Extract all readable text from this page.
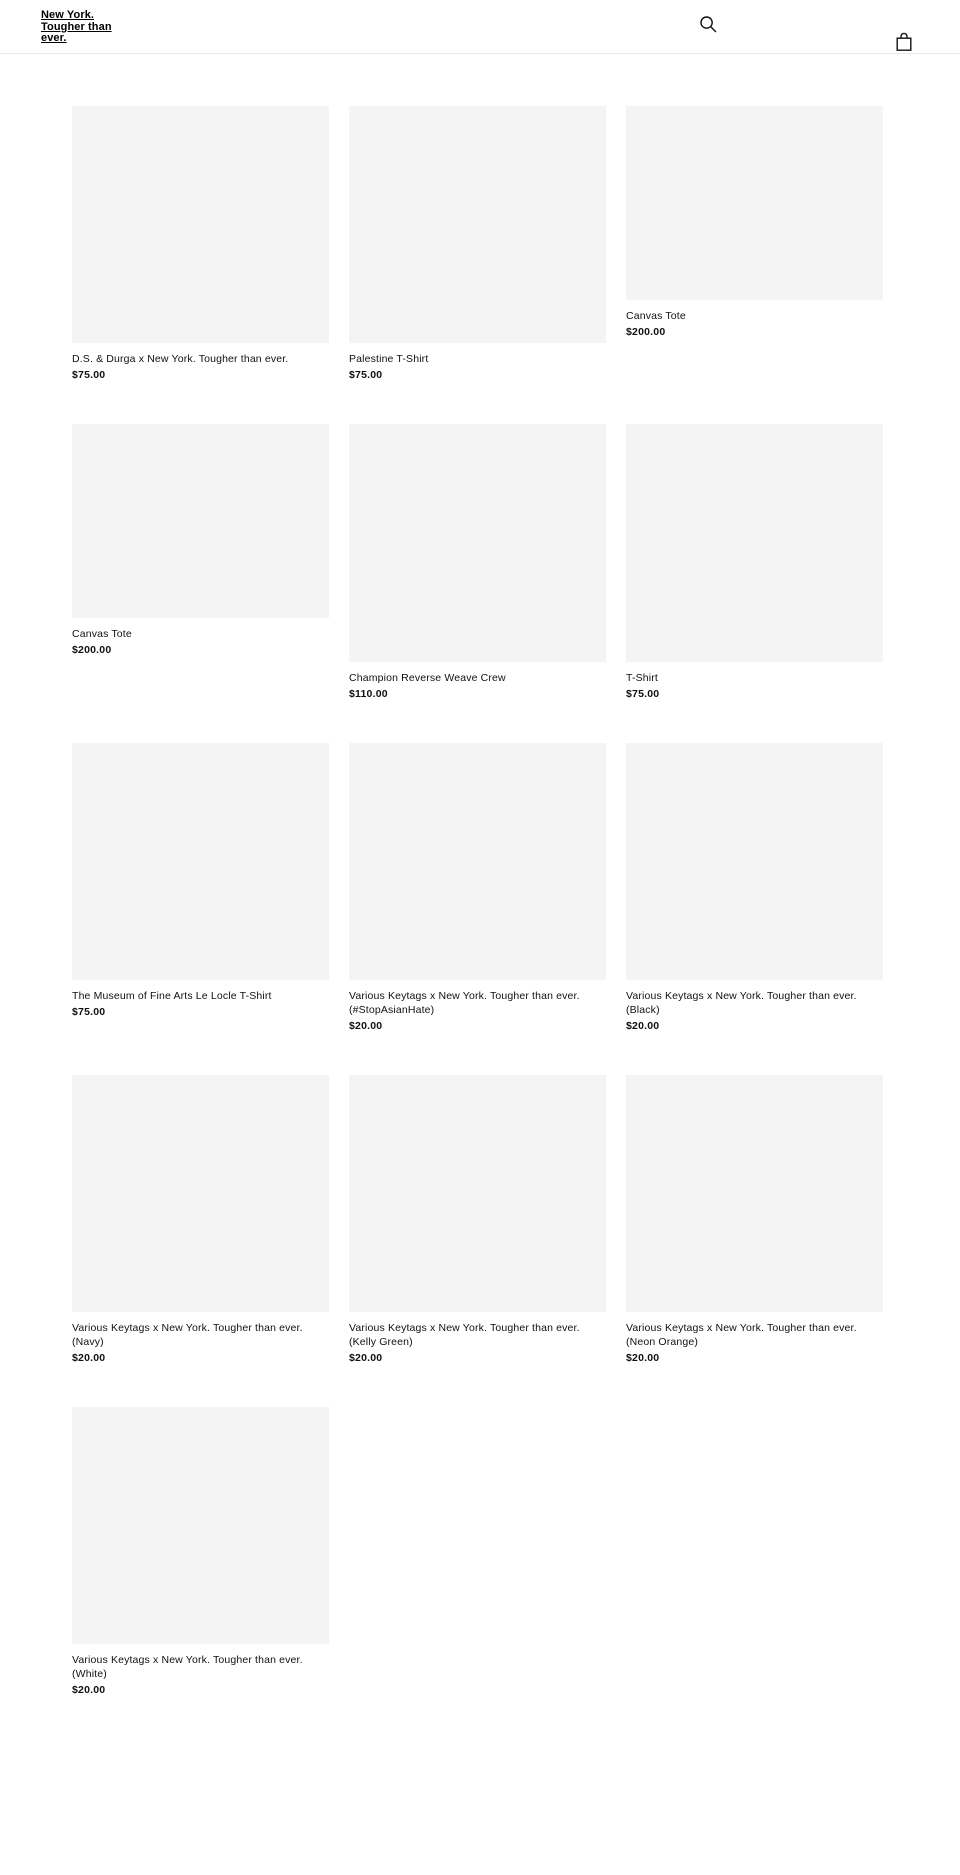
New York.
Tougher than
ever.
D.S. & Durga x New York. Tougher than ever.
$75.00
Palestine T-Shirt
$75.00
Canvas Tote
$200.00
Canvas Tote
$200.00
Champion Reverse Weave Crew
$110.00
T-Shirt
$75.00
The Museum of Fine Arts Le Locle T-Shirt
$75.00
Various Keytags x New York. Tougher than ever. (#StopAsianHate)
$20.00
Various Keytags x New York. Tougher than ever. (Black)
$20.00
Various Keytags x New York. Tougher than ever. (Navy)
$20.00
Various Keytags x New York. Tougher than ever. (Kelly Green)
$20.00
Various Keytags x New York. Tougher than ever. (Neon Orange)
$20.00
Various Keytags x New York. Tougher than ever. (White)
$20.00
